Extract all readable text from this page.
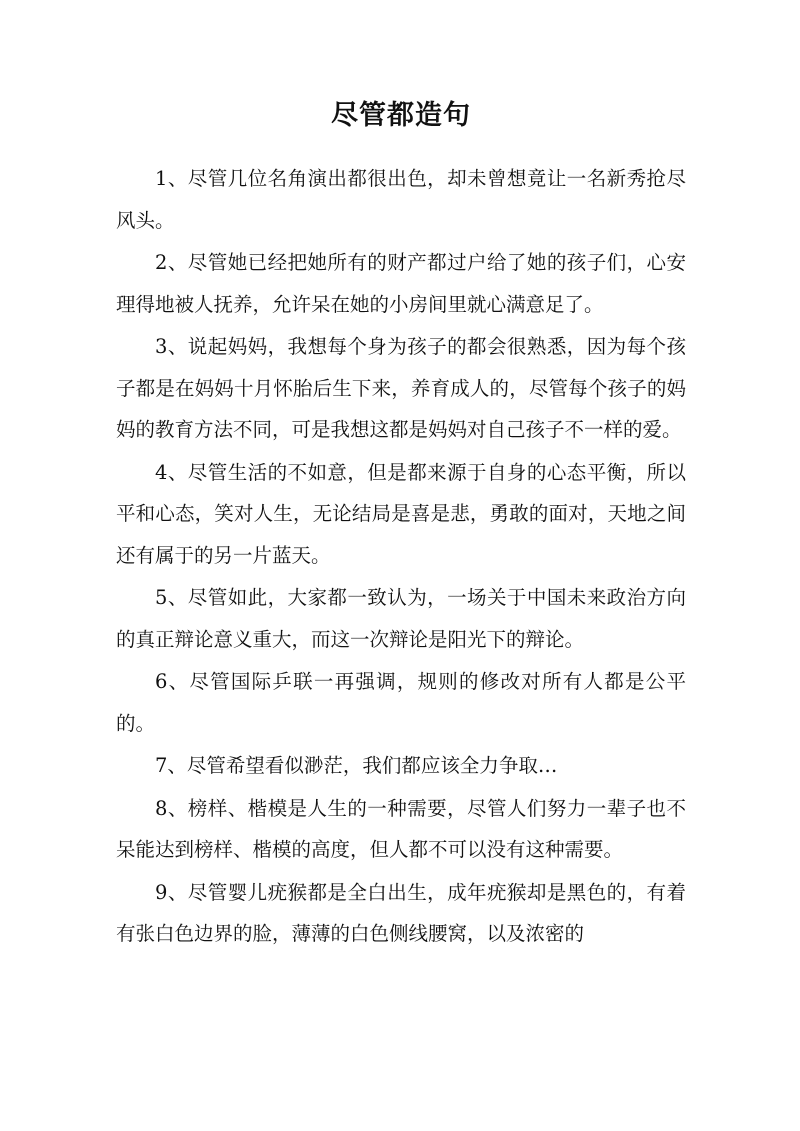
尽管都造句

1、尽管几位名角演出都很出色，却未曾想竟让一名新秀抢尽风头。

2、尽管她已经把她所有的财产都过户给了她的孩子们，心安理得地被人抚养，允许呆在她的小房间里就心满意足了。

3、说起妈妈，我想每个身为孩子的都会很熟悉，因为每个孩子都是在妈妈十月怀胎后生下来，养育成人的，尽管每个孩子的妈妈的教育方法不同，可是我想这都是妈妈对自己孩子不一样的爱。

4、尽管生活的不如意，但是都来源于自身的心态平衡，所以平和心态，笑对人生，无论结局是喜是悲，勇敢的面对，天地之间还有属于的另一片蓝天。

5、尽管如此，大家都一致认为，一场关于中国未来政治方向的真正辩论意义重大，而这一次辩论是阳光下的辩论。

6、尽管国际乒联一再强调，规则的修改对所有人都是公平的。

7、尽管希望看似渺茫，我们都应该全力争取…

8、榜样、楷模是人生的一种需要，尽管人们努力一辈子也不呆能达到榜样、楷模的高度，但人都不可以没有这种需要。

9、尽管婴儿疣猴都是全白出生，成年疣猴却是黑色的，有着有张白色边界的脸，薄薄的白色侧线腰窝，以及浓密的
